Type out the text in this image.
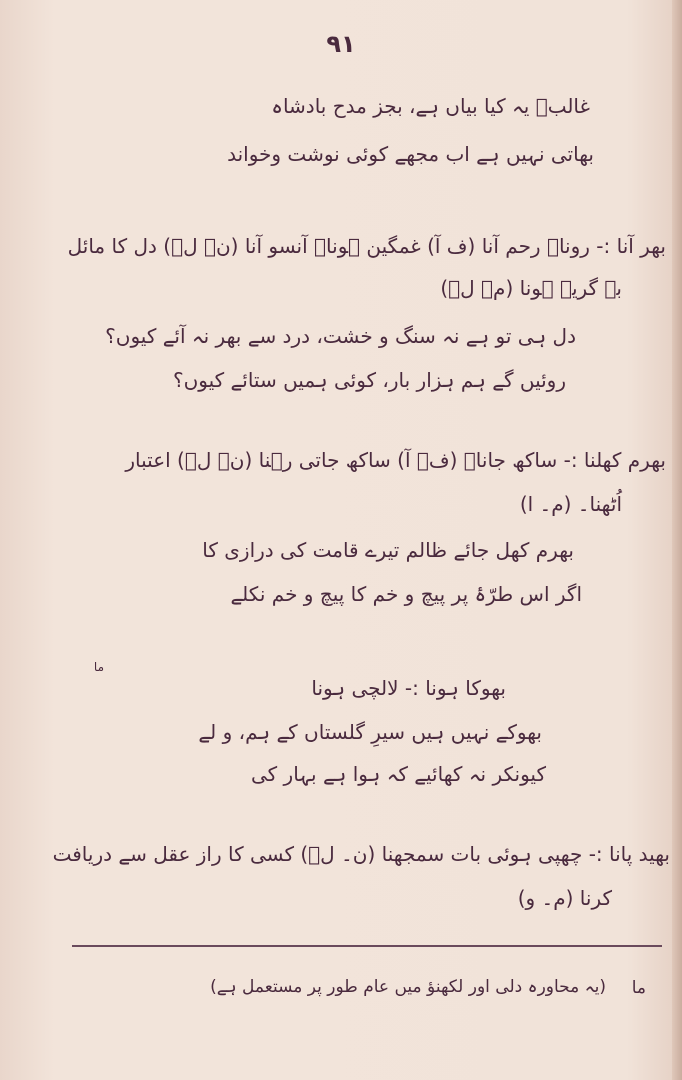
٩١
غالبؔ یہ کیا بیاں ہے، بجز مدح بادشاہ
بھاتی نہیں ہے اب مجھے کوئی نوشت وخواند
بھر آنا :- رونا۔ رحم آنا (ف آ) غمگین ہونا۔ آنسو آنا (ن۔ لؔ) دل کا مائل
بہ گریہ ہونا (م۔ لؔ)
دل ہی تو ہے نہ سنگ و خشت، درد سے بھر نہ آئے کیوں؟
روئیں گے ہم ہزار بار، کوئی ہمیں ستائے کیوں؟
بھرم کھلنا :- ساکھ جانا۔ (ف۔ آ) ساکھ جاتی رہنا (ن۔ لؔ) اعتبار
اُٹھنا۔ (م۔ ا)
بھرم کھل جائے ظالم تیرے قامت کی درازی کا
اگر اس طرّۂ پر پیچ و خم کا پیچ و خم نکلے
ما
بھوکا ہونا :- لالچی ہونا
بھوکے نہیں ہیں سیرِ گلستاں کے ہم، و لے
کیونکر نہ کھائیے کہ ہوا ہے بہار کی
بھید پانا :- چھپی ہوئی بات سمجھنا (ن۔ لؔ) کسی کا راز عقل سے دریافت
کرنا (م۔ و)
ما
(یہ محاورہ دلی اور لکھنؤ میں عام طور پر مستعمل ہے)
